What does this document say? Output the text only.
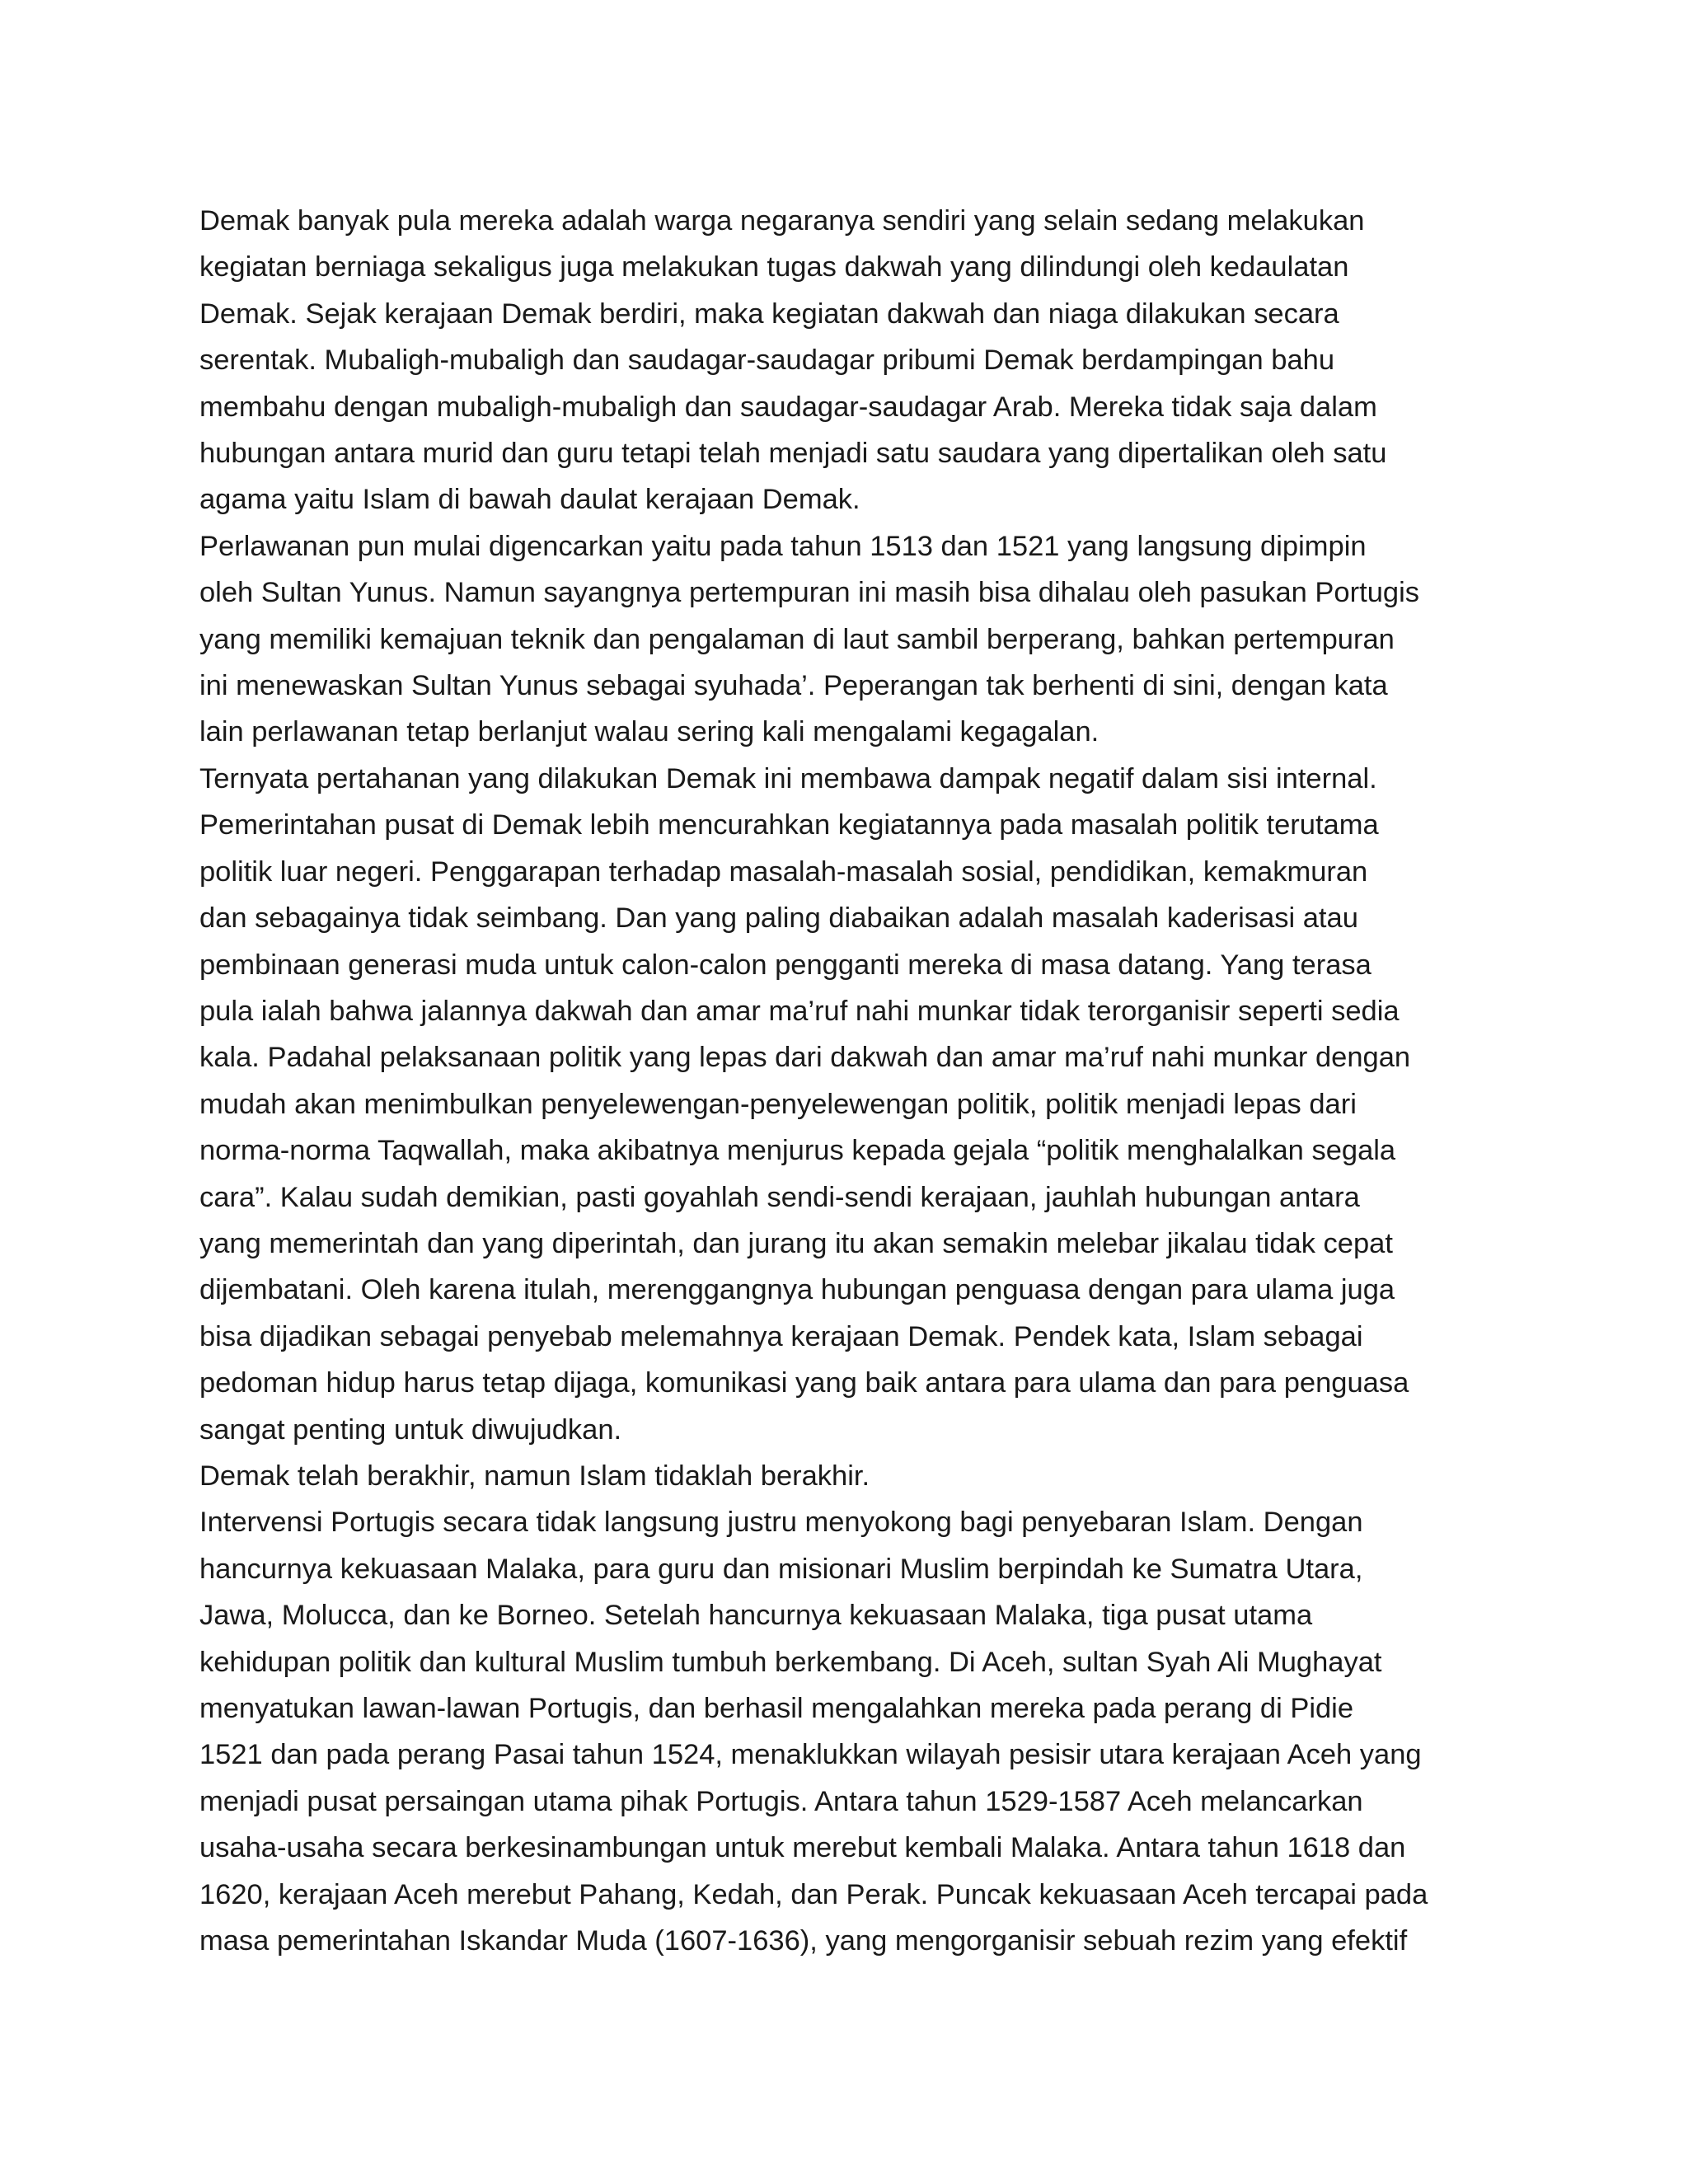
Demak banyak pula mereka adalah warga negaranya sendiri yang selain sedang melakukan
kegiatan berniaga sekaligus juga melakukan tugas dakwah yang dilindungi oleh kedaulatan
Demak. Sejak kerajaan Demak berdiri, maka kegiatan dakwah dan niaga dilakukan secara
serentak. Mubaligh-mubaligh dan saudagar-saudagar pribumi Demak berdampingan bahu
membahu dengan mubaligh-mubaligh dan saudagar-saudagar Arab. Mereka tidak saja dalam
hubungan antara murid dan guru tetapi telah menjadi satu saudara yang dipertalikan oleh satu
agama yaitu Islam di bawah daulat kerajaan Demak.
Perlawanan pun mulai digencarkan yaitu pada tahun 1513 dan 1521 yang langsung dipimpin
oleh Sultan Yunus. Namun sayangnya pertempuran ini masih bisa dihalau oleh pasukan Portugis
yang memiliki kemajuan teknik dan pengalaman di laut sambil berperang, bahkan pertempuran
ini menewaskan Sultan Yunus sebagai syuhada’. Peperangan tak berhenti di sini, dengan kata
lain perlawanan tetap berlanjut walau sering kali mengalami kegagalan.
Ternyata pertahanan yang dilakukan Demak ini membawa dampak negatif dalam sisi internal.
Pemerintahan pusat di Demak lebih mencurahkan kegiatannya pada masalah politik terutama
politik luar negeri. Penggarapan terhadap masalah-masalah sosial, pendidikan, kemakmuran
dan sebagainya tidak seimbang. Dan yang paling diabaikan adalah masalah kaderisasi atau
pembinaan generasi muda untuk calon-calon pengganti mereka di masa datang. Yang terasa
pula ialah bahwa jalannya dakwah dan amar ma’ruf nahi munkar tidak terorganisir seperti sedia
kala. Padahal pelaksanaan politik yang lepas dari dakwah dan amar ma’ruf nahi munkar dengan
mudah akan menimbulkan penyelewengan-penyelewengan politik, politik menjadi lepas dari
norma-norma Taqwallah, maka akibatnya menjurus kepada gejala “politik menghalalkan segala
cara”. Kalau sudah demikian, pasti goyahlah sendi-sendi kerajaan, jauhlah hubungan antara
yang memerintah dan yang diperintah, dan jurang itu akan semakin melebar jikalau tidak cepat
dijembatani. Oleh karena itulah, merenggangnya hubungan penguasa dengan para ulama juga
bisa dijadikan sebagai penyebab melemahnya kerajaan Demak. Pendek kata, Islam sebagai
pedoman hidup harus tetap dijaga, komunikasi yang baik antara para ulama dan para penguasa
sangat penting untuk diwujudkan.
Demak telah berakhir, namun Islam tidaklah berakhir.
Intervensi Portugis secara tidak langsung justru menyokong bagi penyebaran Islam. Dengan
hancurnya kekuasaan Malaka, para guru dan misionari Muslim berpindah ke Sumatra Utara,
Jawa, Molucca, dan ke Borneo. Setelah hancurnya kekuasaan Malaka, tiga pusat utama
kehidupan politik dan kultural Muslim tumbuh berkembang. Di Aceh, sultan Syah Ali Mughayat
menyatukan lawan-lawan Portugis, dan berhasil mengalahkan mereka pada perang di Pidie
1521 dan pada perang Pasai tahun 1524, menaklukkan wilayah pesisir utara kerajaan Aceh yang
menjadi pusat persaingan utama pihak Portugis. Antara tahun 1529-1587 Aceh melancarkan
usaha-usaha secara berkesinambungan untuk merebut kembali Malaka. Antara tahun 1618 dan
1620, kerajaan Aceh merebut Pahang, Kedah, dan Perak. Puncak kekuasaan Aceh tercapai pada
masa pemerintahan Iskandar Muda (1607-1636), yang mengorganisir sebuah rezim yang efektif
